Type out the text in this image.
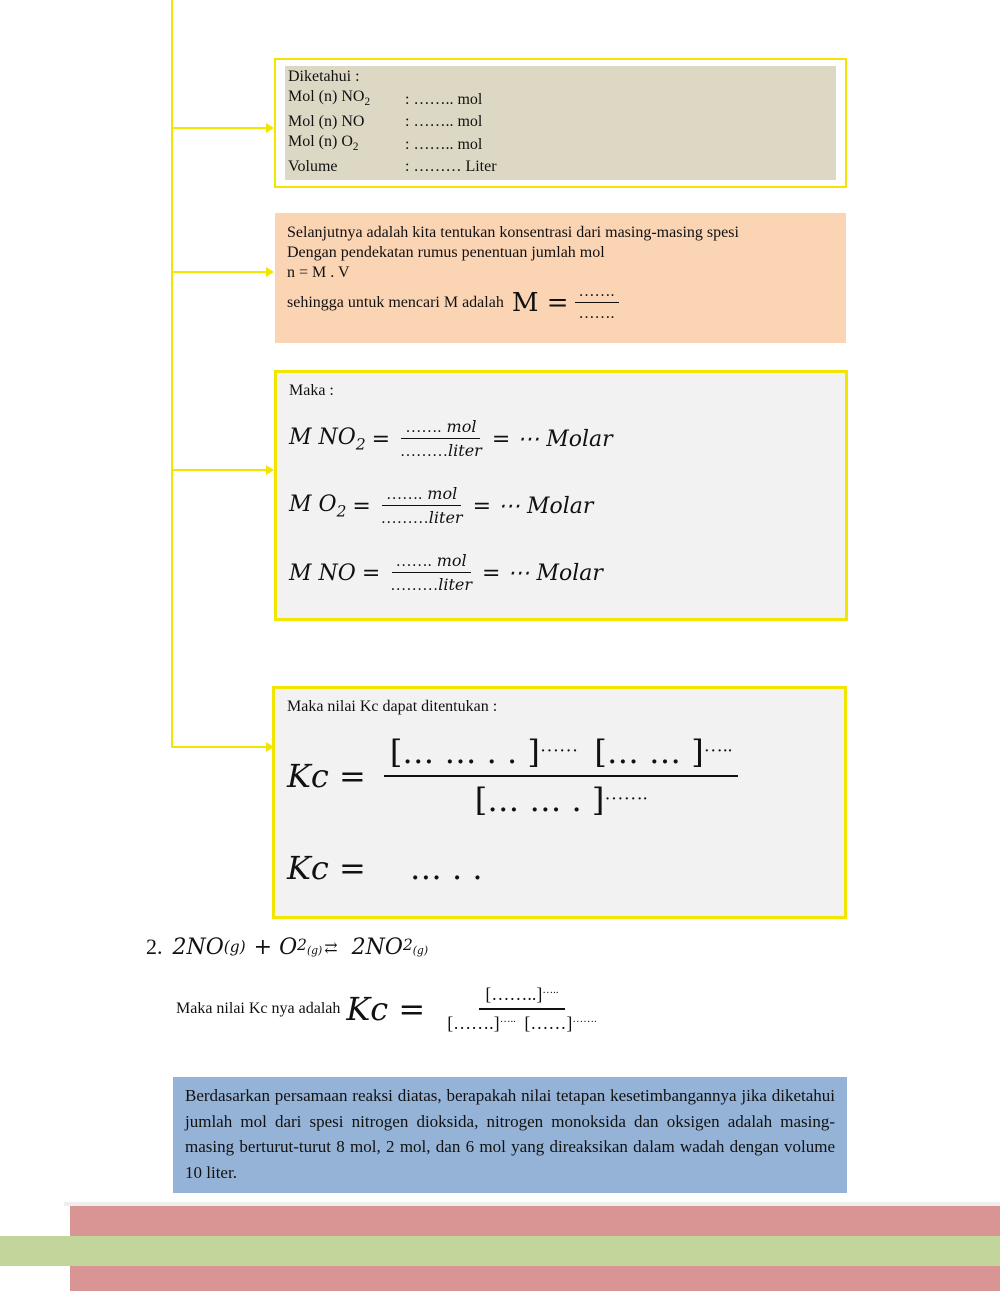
Diketahui :
Mol (n) $NO_2$	: …….. mol
Mol (n) NO	: …….. mol
Mol (n) $O_2$	: …….. mol
Volume	: ……… Liter
Selanjutnya adalah kita tentukan konsentrasi dari masing-masing spesi
Dengan pendekatan rumus penentuan jumlah mol
n = M . V
sehingga untuk mencari M adalah $M = \frac{\dots\dots.}{\dots\dots.}$
Maka :
M $NO_2 = \frac{\text{……. mol}}{\text{………liter}}$ = ⋯ Molar
M $O_2 = \frac{\text{……. mol}}{\text{………liter}}$ = ⋯ Molar
M NO = $\frac{\text{……. mol}}{\text{………liter}}$ = ⋯ Molar
Maka nilai Kc dapat ditentukan :
$Kc = \frac{[\dots \dots . . ]^{\dots\dots} [\dots \dots ]^{\dots..}}{[\dots \dots . ]^{\dots\dots.}}$
Kc = … . .
2. 2NO (g) + O $2_{(g)}$ ⇄ 2NO $2_{(g)}$
Maka nilai Kc nya adalah $Kc = \frac{[\dots\dots..]^{\dots..}}{[\dots\dots.]^{\dots..} [\dots\dots]^{\dots\dots.}}$
Berdasarkan persamaan reaksi diatas, berapakah nilai tetapan kesetimbangannya jika diketahui jumlah mol dari spesi nitrogen dioksida, nitrogen monoksida dan oksigen adalah masing-masing berturut-turut 8 mol, 2 mol, dan 6 mol yang direaksikan dalam wadah dengan volume 10 liter.
